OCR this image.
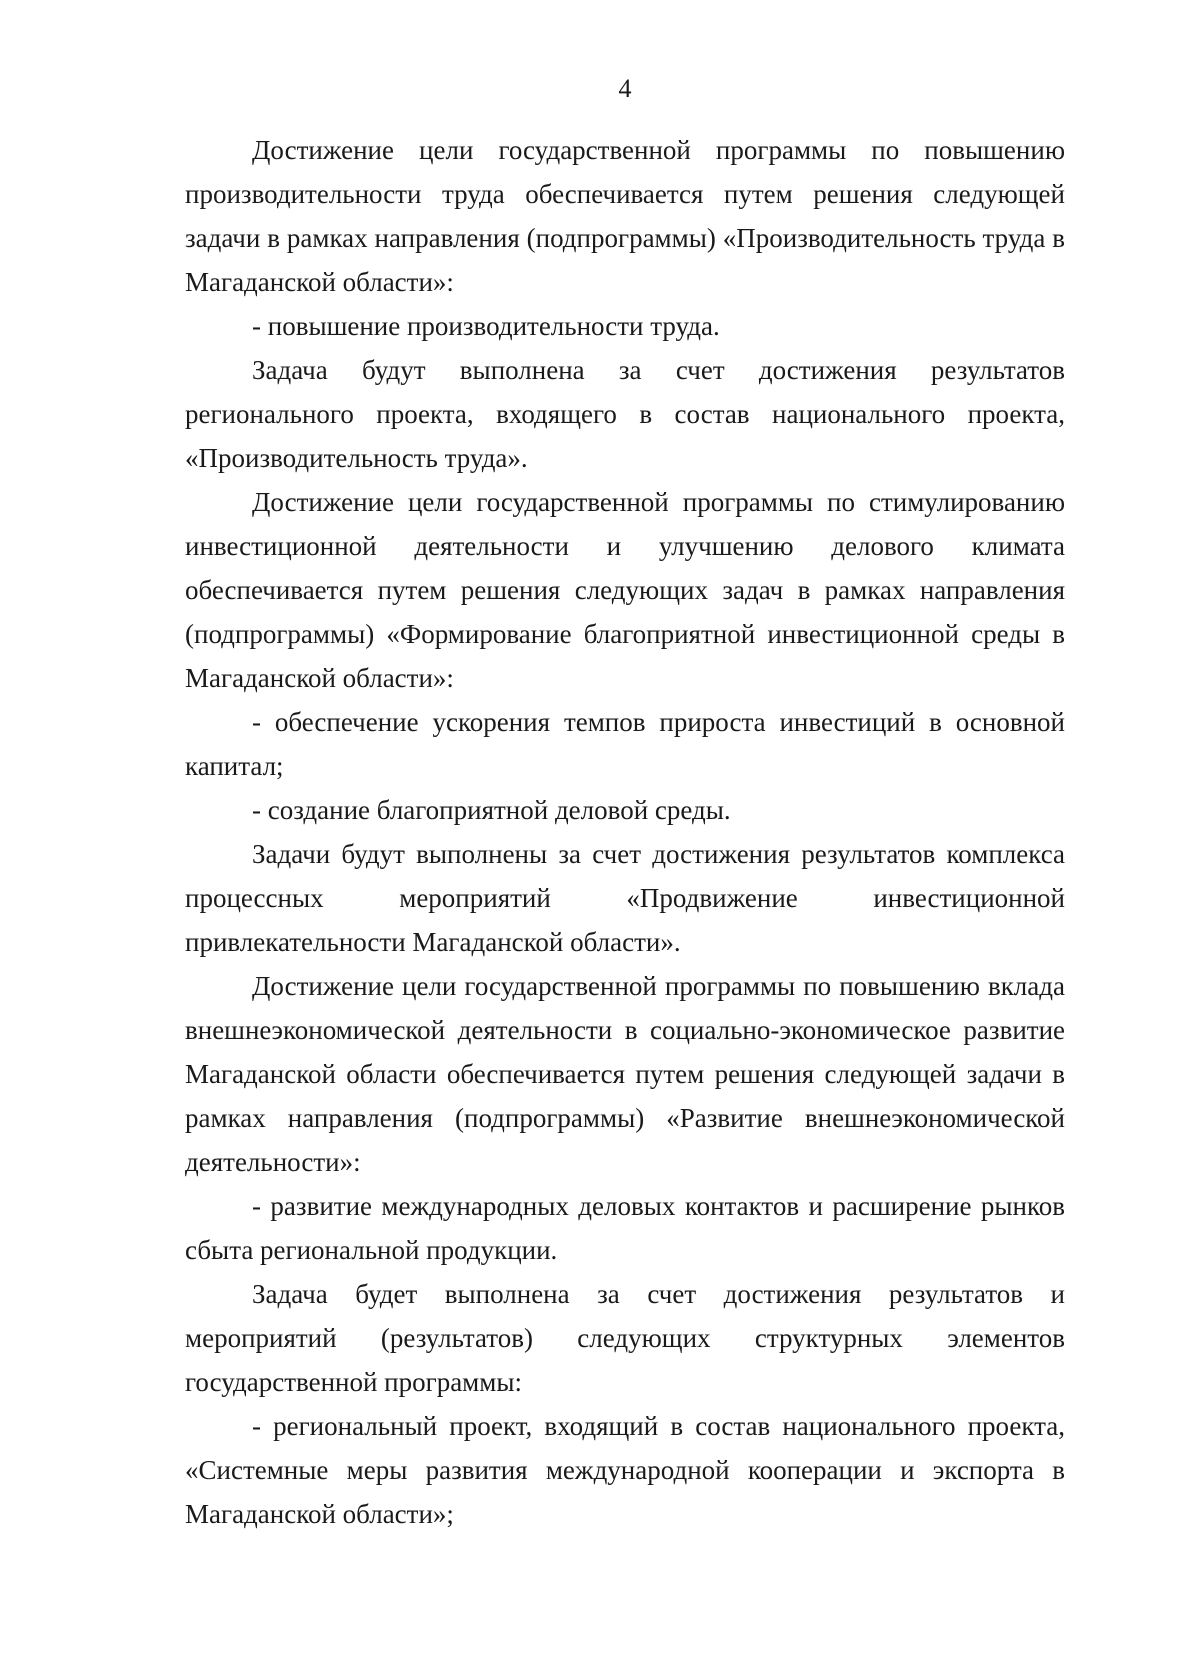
4

Достижение цели государственной программы по повышению производительности труда обеспечивается путем решения следующей задачи в рамках направления (подпрограммы) «Производительность труда в Магаданской области»:

- повышение производительности труда.

Задача будут выполнена за счет достижения результатов регионального проекта, входящего в состав национального проекта, «Производительность труда».

Достижение цели государственной программы по стимулированию инвестиционной деятельности и улучшению делового климата обеспечивается путем решения следующих задач в рамках направления (подпрограммы) «Формирование благоприятной инвестиционной среды в Магаданской области»:

- обеспечение ускорения темпов прироста инвестиций в основной капитал;

- создание благоприятной деловой среды.

Задачи будут выполнены за счет достижения результатов комплекса процессных мероприятий «Продвижение инвестиционной привлекательности Магаданской области».

Достижение цели государственной программы по повышению вклада внешнеэкономической деятельности в социально-экономическое развитие Магаданской области обеспечивается путем решения следующей задачи в рамках направления (подпрограммы) «Развитие внешнеэкономической деятельности»:

- развитие международных деловых контактов и расширение рынков сбыта региональной продукции.

Задача будет выполнена за счет достижения результатов и мероприятий (результатов) следующих структурных элементов государственной программы:

- региональный проект, входящий в состав национального проекта, «Системные меры развития международной кооперации и экспорта в Магаданской области»;
